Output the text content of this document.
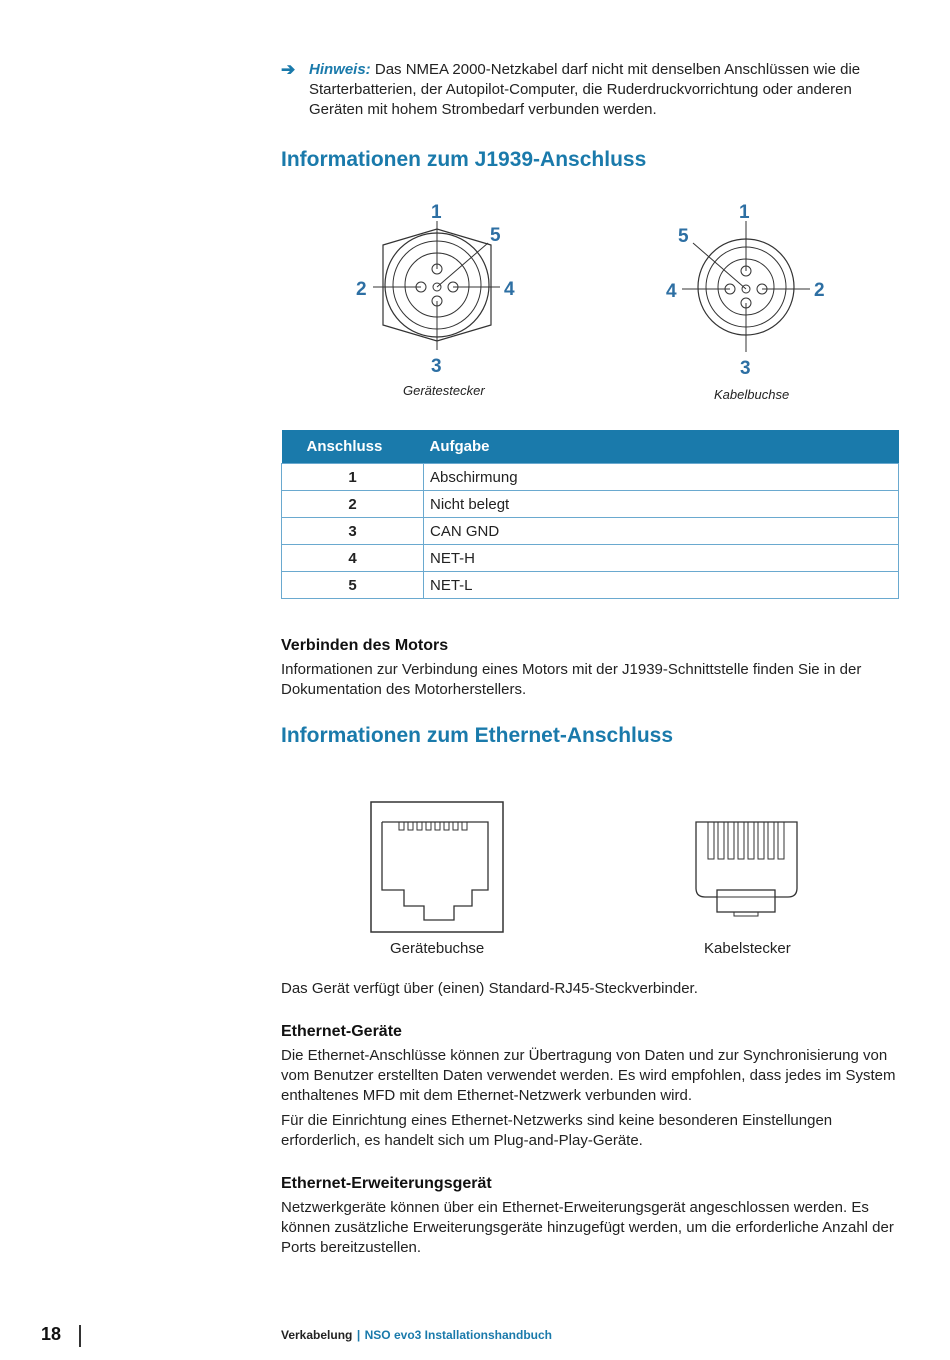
➔ Hinweis: Das NMEA 2000-Netzkabel darf nicht mit denselben Anschlüssen wie die
Starterbatterien, der Autopilot-Computer, die Ruderdruckvorrichtung oder anderen
Geräten mit hohem Strombedarf verbunden werden.
Informationen zum J1939-Anschluss
1
5
2	4
3
Gerätestecker
1
5
4	2
3
Kabelbuchse
Anschluss	Aufgabe
1	Abschirmung
2	Nicht belegt
3	CAN GND
4	NET-H
5	NET-L
Verbinden des Motors
Informationen zur Verbindung eines Motors mit der J1939-Schnittstelle finden Sie in der
Dokumentation des Motorherstellers.
Informationen zum Ethernet-Anschluss
Gerätebuchse	Kabelstecker
Das Gerät verfügt über (einen) Standard-RJ45-Steckverbinder.
Ethernet-Geräte
Die Ethernet-Anschlüsse können zur Übertragung von Daten und zur Synchronisierung von
vom Benutzer erstellten Daten verwendet werden. Es wird empfohlen, dass jedes im System
enthaltenes MFD mit dem Ethernet-Netzwerk verbunden wird.
Für die Einrichtung eines Ethernet-Netzwerks sind keine besonderen Einstellungen
erforderlich, es handelt sich um Plug-and-Play-Geräte.
Ethernet-Erweiterungsgerät
Netzwerkgeräte können über ein Ethernet-Erweiterungsgerät angeschlossen werden. Es
können zusätzliche Erweiterungsgeräte hinzugefügt werden, um die erforderliche Anzahl der
Ports bereitzustellen.
18	Verkabelung | NSO evo3 Installationshandbuch
